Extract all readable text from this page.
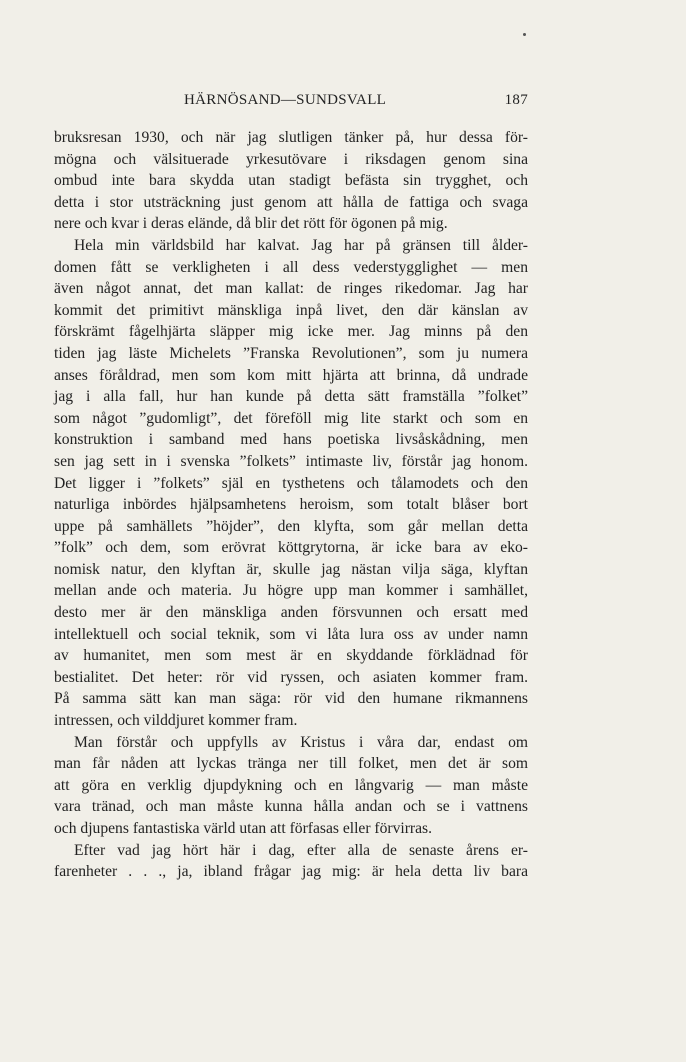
HÄRNÖSAND—SUNDSVALL	187
bruksresan 1930, och när jag slutligen tänker på, hur dessa för-
mögna och välsituerade yrkesutövare i riksdagen genom sina
ombud inte bara skydda utan stadigt befästa sin trygghet, och
detta i stor utsträckning just genom att hålla de fattiga och svaga
nere och kvar i deras elände, då blir det rött för ögonen på mig.
Hela min världsbild har kalvat. Jag har på gränsen till ålder-
domen fått se verkligheten i all dess vederstygglighet — men
även något annat, det man kallat: de ringes rikedomar. Jag har
kommit det primitivt mänskliga inpå livet, den där känslan av
förskrämt fågelhjärta släpper mig icke mer. Jag minns på den
tiden jag läste Michelets ”Franska Revolutionen”, som ju numera
anses föråldrad, men som kom mitt hjärta att brinna, då undrade
jag i alla fall, hur han kunde på detta sätt framställa ”folket”
som något ”gudomligt”, det föreföll mig lite starkt och som en
konstruktion i samband med hans poetiska livsåskådning, men
sen jag sett in i svenska ”folkets” intimaste liv, förstår jag honom.
Det ligger i ”folkets” själ en tysthetens och tålamodets och den
naturliga inbördes hjälpsamhetens heroism, som totalt blåser bort
uppe på samhällets ”höjder”, den klyfta, som går mellan detta
”folk” och dem, som erövrat köttgrytorna, är icke bara av eko-
nomisk natur, den klyftan är, skulle jag nästan vilja säga, klyftan
mellan ande och materia. Ju högre upp man kommer i samhället,
desto mer är den mänskliga anden försvunnen och ersatt med
intellektuell och social teknik, som vi låta lura oss av under namn
av humanitet, men som mest är en skyddande förklädnad för
bestialitet. Det heter: rör vid ryssen, och asiaten kommer fram.
På samma sätt kan man säga: rör vid den humane rikmannens
intressen, och vilddjuret kommer fram.
Man förstår och uppfylls av Kristus i våra dar, endast om
man får nåden att lyckas tränga ner till folket, men det är som
att göra en verklig djupdykning och en långvarig — man måste
vara tränad, och man måste kunna hålla andan och se i vattnens
och djupens fantastiska värld utan att förfasas eller förvirras.
Efter vad jag hört här i dag, efter alla de senaste årens er-
farenheter . . ., ja, ibland frågar jag mig: är hela detta liv bara
